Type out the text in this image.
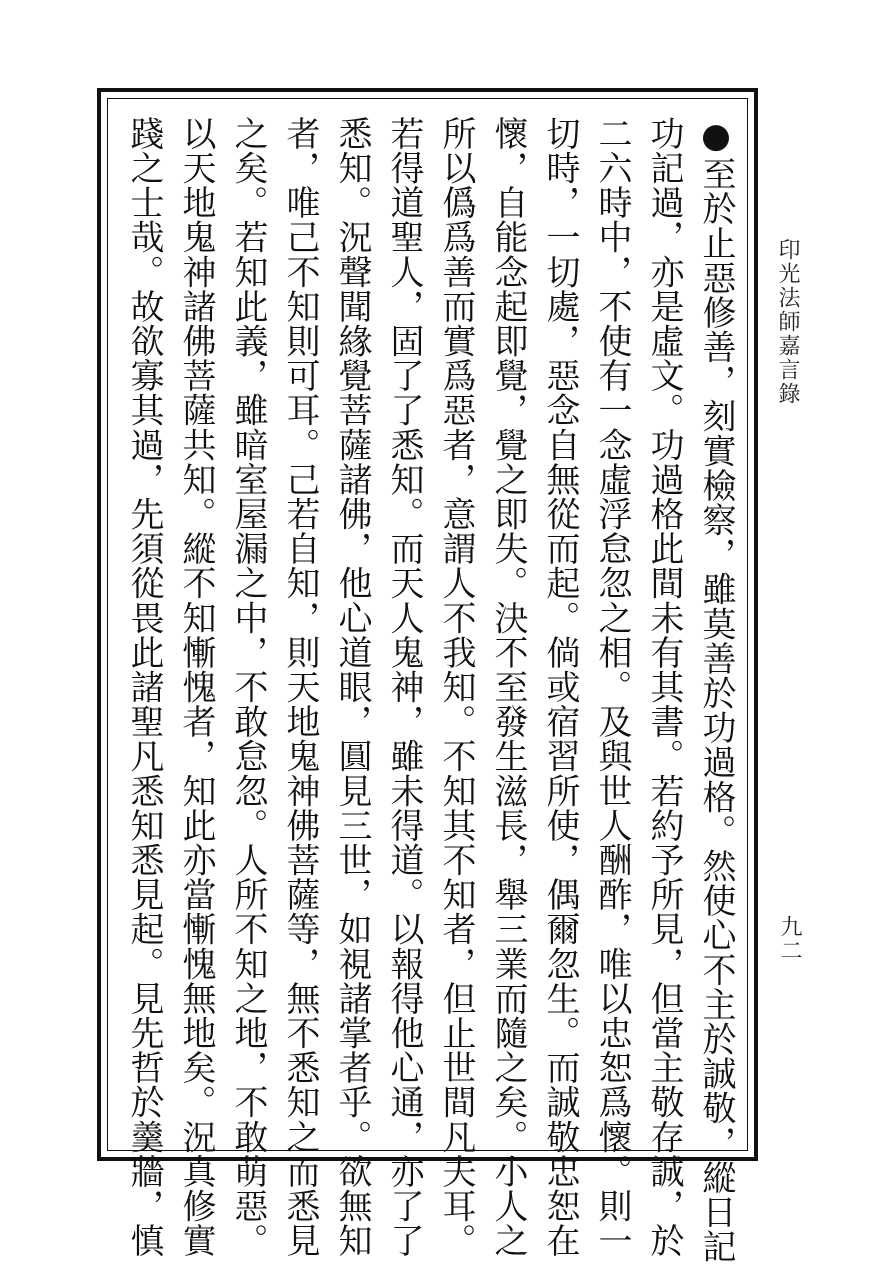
印光法師嘉言錄
九二
●至於止惡修善，刻實檢察，雖莫善於功過格。然使心不主於誠敬，縱日記
功記過，亦是虛文。功過格此間未有其書。若約予所見，但當主敬存誠，於
二六時中，不使有一念虛浮怠忽之相。及與世人酬酢，唯以忠恕爲懷。則一
切時，一切處，惡念自無從而起。倘或宿習所使，偶爾忽生。而誠敬忠恕在
懷，自能念起即覺，覺之即失。決不至發生滋長，舉三業而隨之矣。小人之
所以僞爲善而實爲惡者，意謂人不我知。不知其不知者，但止世間凡夫耳。
若得道聖人，固了了悉知。而天人鬼神，雖未得道。以報得他心通，亦了了
悉知。況聲聞緣覺菩薩諸佛，他心道眼，圓見三世，如視諸掌者乎。欲無知
者，唯己不知則可耳。己若自知，則天地鬼神佛菩薩等，無不悉知之而悉見
之矣。若知此義，雖暗室屋漏之中，不敢怠忽。人所不知之地，不敢萌惡。
以天地鬼神諸佛菩薩共知。縱不知慚愧者，知此亦當慚愧無地矣。況真修實
踐之士哉。故欲寡其過，先須從畏此諸聖凡悉知悉見起。見先哲於羹牆，慎
